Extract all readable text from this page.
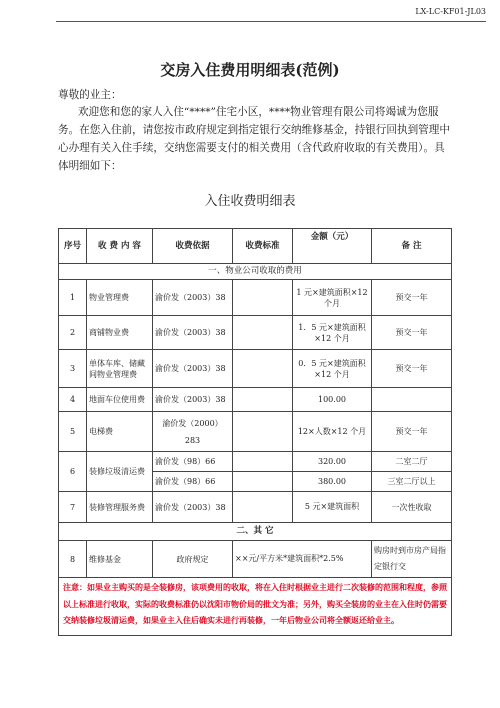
LX-LC-KF01-JL03
交房入住费用明细表(范例)
尊敬的业主：
欢迎您和您的家人入住“****”住宅小区，****物业管理有限公司将竭诚为您服务。在您入住前，请您按市政府规定到指定银行交纳维修基金，持银行回执到管理中心办理有关入住手续，交纳您需要支付的相关费用（含代政府收取的有关费用）。具体明细如下：
入住收费明细表
序号	收 费 内 容	收费依据	收费标准	金额（元）	备 注
一、物业公司收取的费用					
1	物业管理费	渝价发（2003）38		1 元×建筑面积×12个月	预交一年
2	商铺物业费	渝价发（2003）38		1．5 元×建筑面积×12 个月	预交一年
3	单体车库、储藏间物业管理费	渝价发（2003）38		0．5 元×建筑面积×12 个月	预交一年
4	地面车位使用费	渝价发（2003）38		100.00	
5	电梯费	渝价发（2000）283		12×人数×12 个月	预交一年
6	装修垃圾清运费	渝价发（98）66		320.00	二室二厅
		渝价发（98）66		380.00	三室二厅以上
7	装修管理服务费	渝价发（2003）38		5 元×建筑面积	一次性收取
二、其 它					
8	维修基金	政府规定	××元/平方米*建筑面积*2.5%		购房时到市房产局指定银行交
注意：如果业主购买的是全装修房，该项费用的收取，将在入住时根据业主进行二次装修的范围和程度，参照以上标准进行收取，实际的收费标准仍以沈阳市物价局的批文为准；另外，购买全装房的业主在入住时仍需要交纳装修垃圾清运费，如果业主入住后确实未进行再装修，一年后物业公司将全额返还给业主。					
